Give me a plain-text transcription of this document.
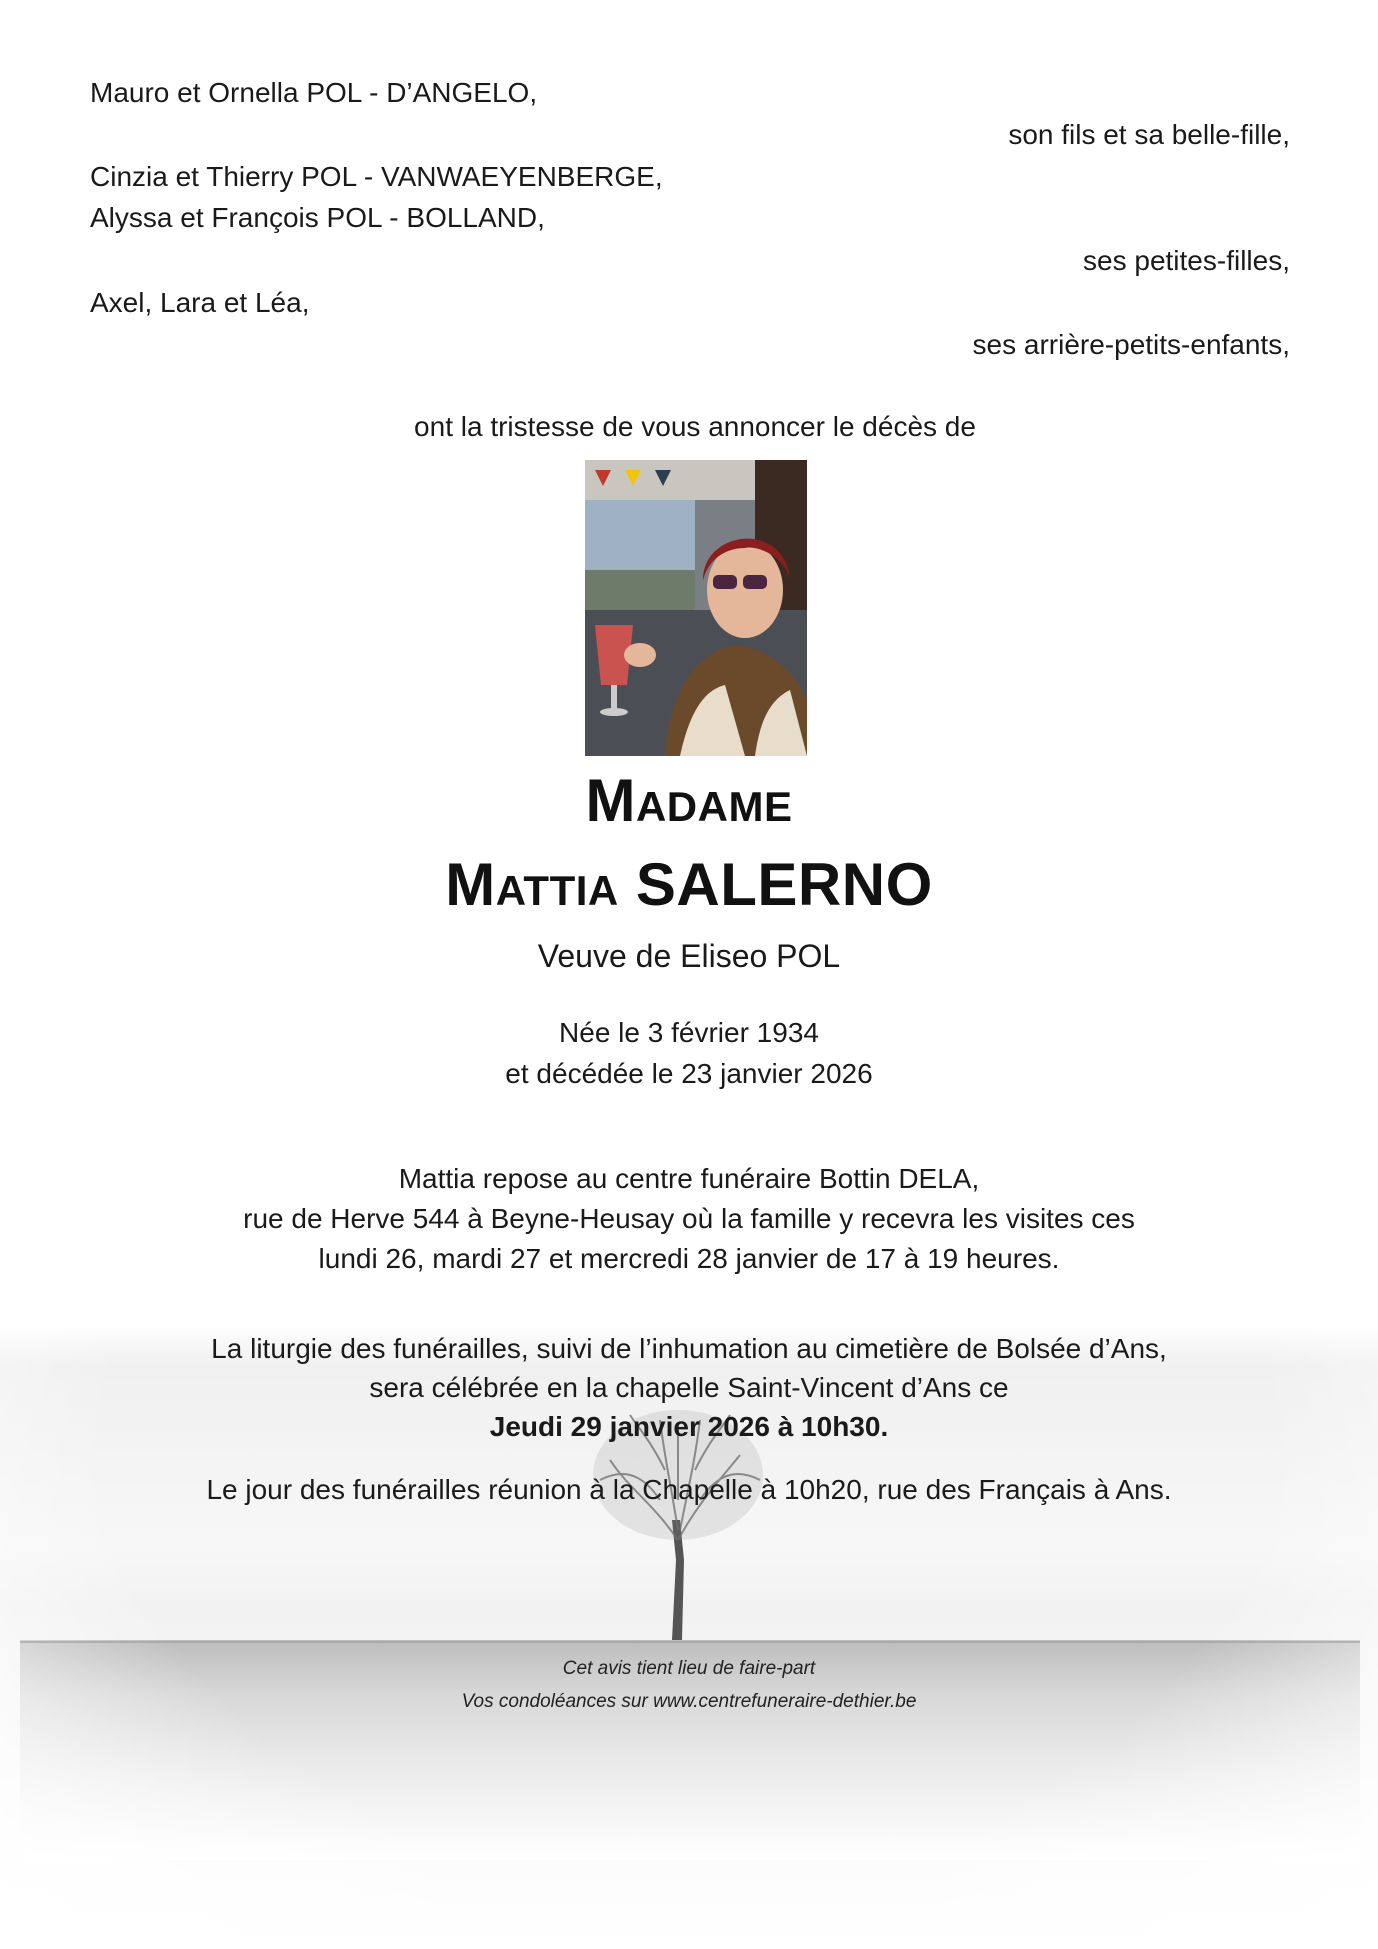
Mauro et Ornella POL - D’ANGELO,
son fils et sa belle-fille,
Cinzia et Thierry POL - VANWAEYENBERGE,
Alyssa et François POL - BOLLAND,
ses petites-filles,
Axel, Lara et Léa,
ses arrière-petits-enfants,
ont la tristesse de vous annoncer le décès de
Madame
Mattia SALERNO
Veuve de Eliseo POL
Née le 3 février 1934
et décédée le 23 janvier 2026
Mattia repose au centre funéraire Bottin DELA,
rue de Herve 544 à Beyne-Heusay où la famille y recevra les visites ces
lundi 26, mardi 27 et mercredi 28 janvier de 17 à 19 heures.
La liturgie des funérailles, suivi de l’inhumation au cimetière de Bolsée d’Ans,
sera célébrée en la chapelle Saint-Vincent d’Ans ce
Jeudi 29 janvier 2026 à 10h30.
Le jour des funérailles réunion à la Chapelle à 10h20, rue des Français à Ans.
Cet avis tient lieu de faire-part
Vos condoléances sur www.centrefuneraire-dethier.be
